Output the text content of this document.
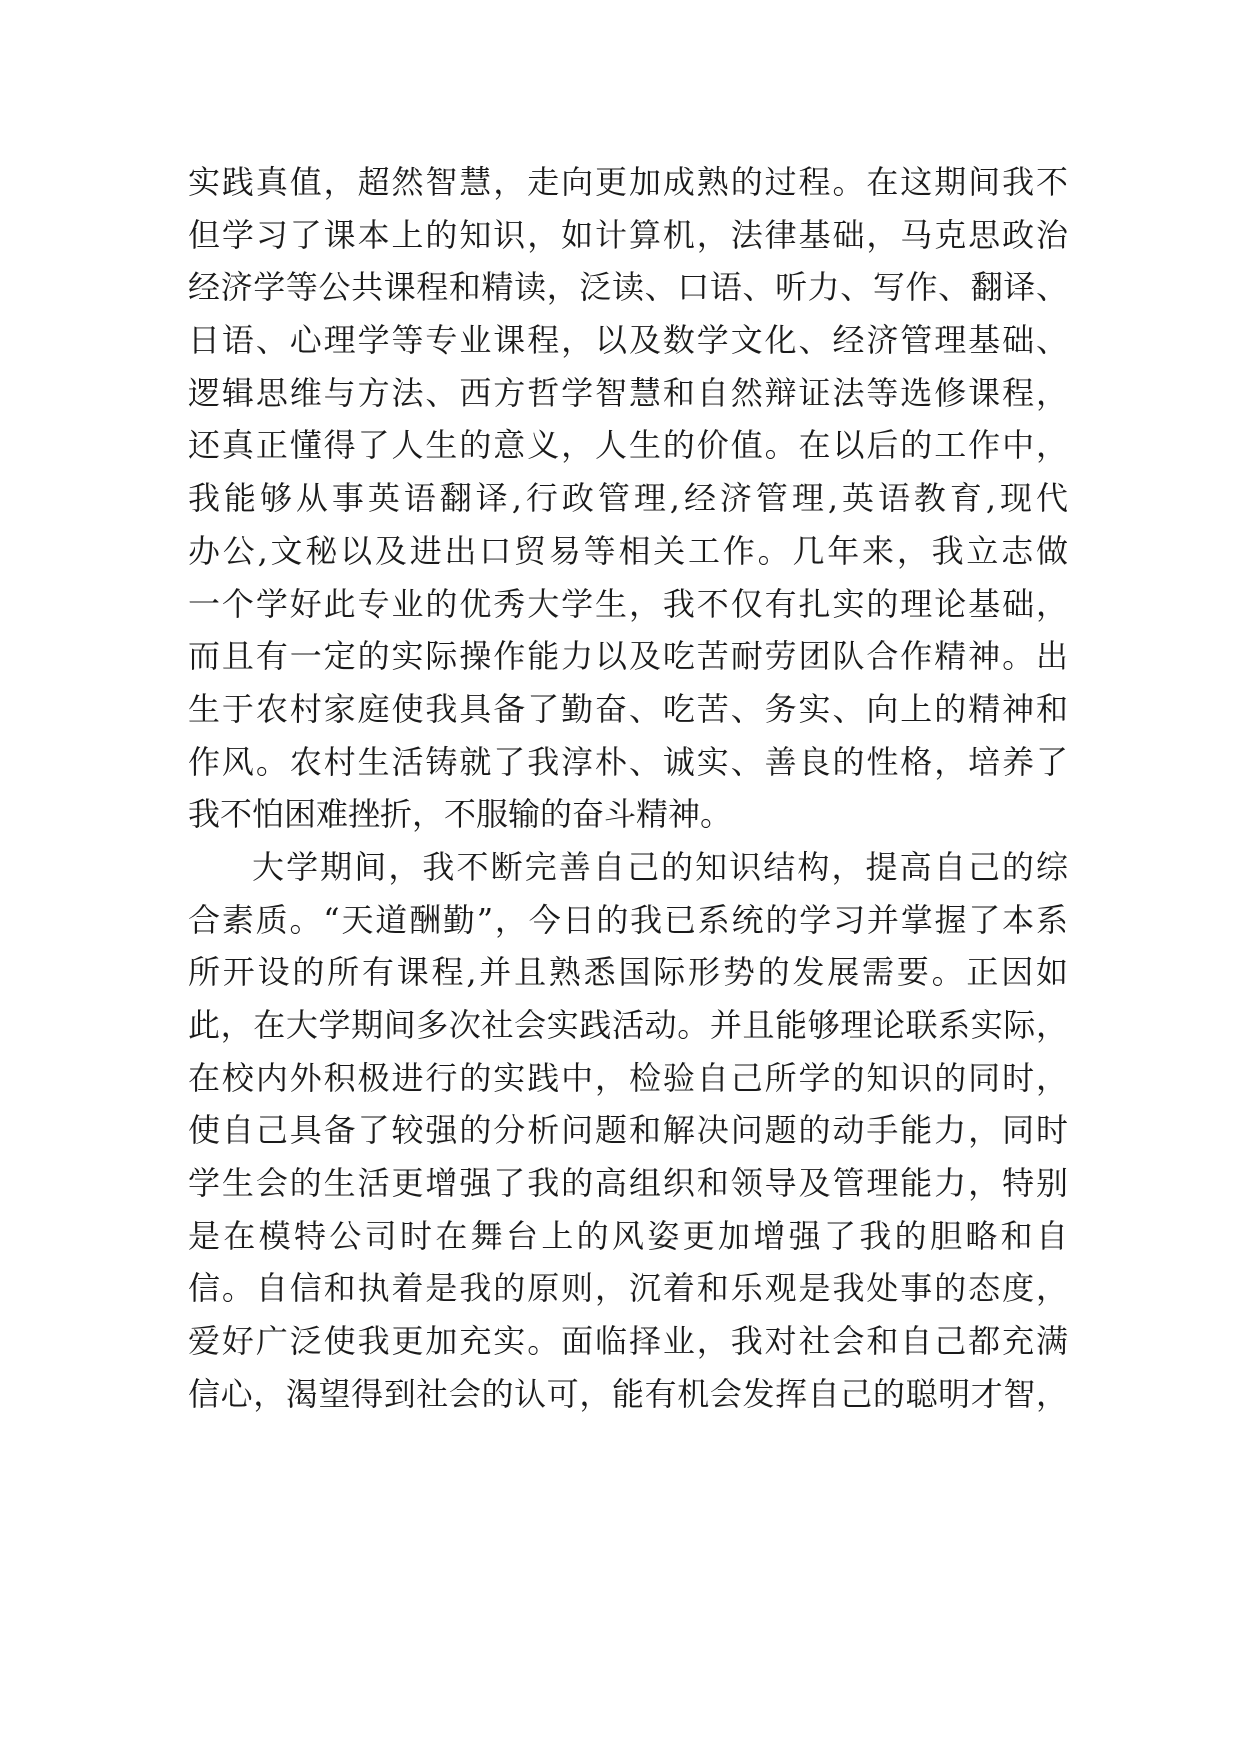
实践真值，超然智慧，走向更加成熟的过程。在这期间我不
但学习了课本上的知识，如计算机，法律基础，马克思政治
经济学等公共课程和精读，泛读、口语、听力、写作、翻译、
日语、心理学等专业课程，以及数学文化、经济管理基础、
逻辑思维与方法、西方哲学智慧和自然辩证法等选修课程，
还真正懂得了人生的意义，人生的价值。在以后的工作中，
我能够从事英语翻译,行政管理,经济管理,英语教育,现代
办公,文秘以及进出口贸易等相关工作。几年来，我立志做
一个学好此专业的优秀大学生，我不仅有扎实的理论基础，
而且有一定的实际操作能力以及吃苦耐劳团队合作精神。出
生于农村家庭使我具备了勤奋、吃苦、务实、向上的精神和
作风。农村生活铸就了我淳朴、诚实、善良的性格，培养了
我不怕困难挫折，不服输的奋斗精神。
大学期间，我不断完善自己的知识结构，提高自己的综
合素质。“天道酬勤”，今日的我已系统的学习并掌握了本系
所开设的所有课程,并且熟悉国际形势的发展需要。正因如
此，在大学期间多次社会实践活动。并且能够理论联系实际，
在校内外积极进行的实践中，检验自己所学的知识的同时，
使自己具备了较强的分析问题和解决问题的动手能力，同时
学生会的生活更增强了我的高组织和领导及管理能力，特别
是在模特公司时在舞台上的风姿更加增强了我的胆略和自
信。自信和执着是我的原则，沉着和乐观是我处事的态度，
爱好广泛使我更加充实。面临择业，我对社会和自己都充满
信心，渴望得到社会的认可，能有机会发挥自己的聪明才智，
